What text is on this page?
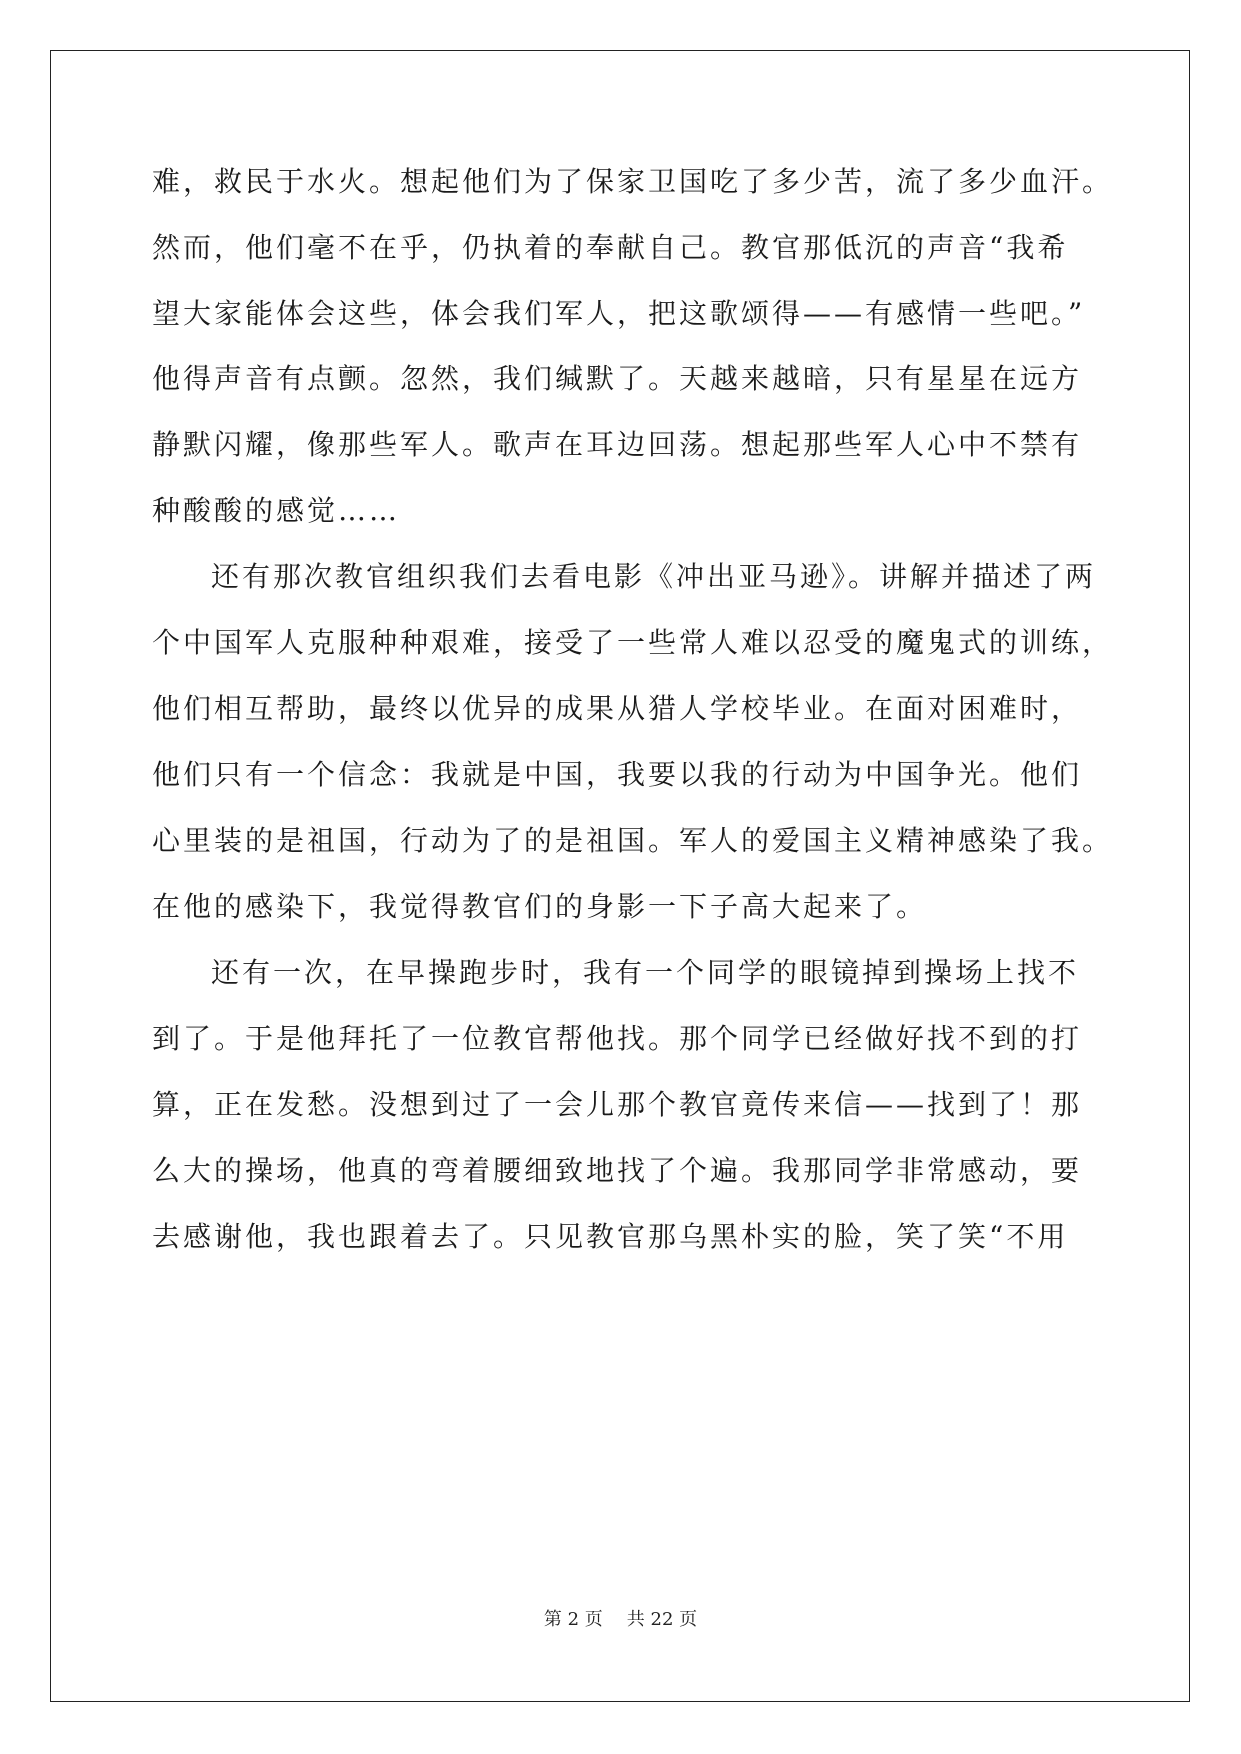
难，救民于水火。想起他们为了保家卫国吃了多少苦，流了多少血汗。

然而，他们毫不在乎，仍执着的奉献自己。教官那低沉的声音“我希

望大家能体会这些，体会我们军人，把这歌颂得——有感情一些吧。”

他得声音有点颤。忽然，我们缄默了。天越来越暗，只有星星在远方

静默闪耀，像那些军人。歌声在耳边回荡。想起那些军人心中不禁有

种酸酸的感觉……

还有那次教官组织我们去看电影《冲出亚马逊》。讲解并描述了两

个中国军人克服种种艰难，接受了一些常人难以忍受的魔鬼式的训练，

他们相互帮助，最终以优异的成果从猎人学校毕业。在面对困难时，

他们只有一个信念：我就是中国，我要以我的行动为中国争光。他们

心里装的是祖国，行动为了的是祖国。军人的爱国主义精神感染了我。

在他的感染下，我觉得教官们的身影一下子高大起来了。

还有一次，在早操跑步时，我有一个同学的眼镜掉到操场上找不

到了。于是他拜托了一位教官帮他找。那个同学已经做好找不到的打

算，正在发愁。没想到过了一会儿那个教官竟传来信——找到了！那

么大的操场，他真的弯着腰细致地找了个遍。我那同学非常感动，要

去感谢他，我也跟着去了。只见教官那乌黑朴实的脸，笑了笑“不用

第 2 页 共 22 页
